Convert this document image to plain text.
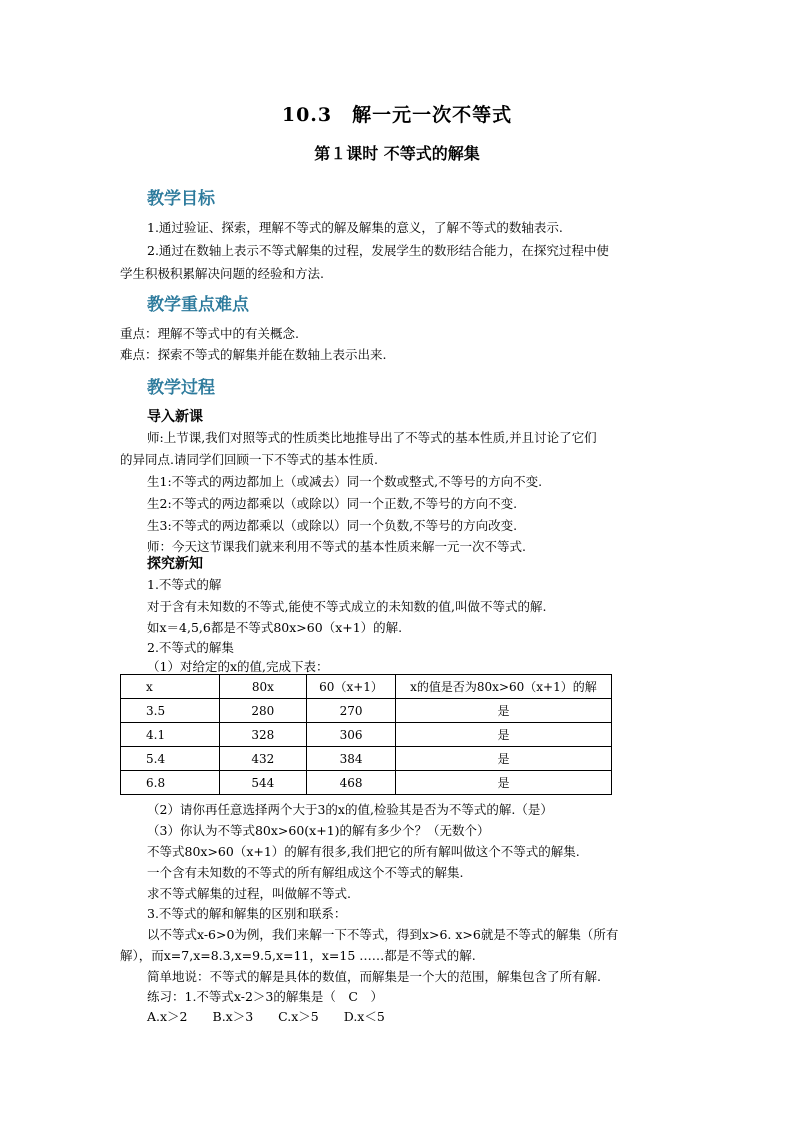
10.3　解一元一次不等式
第１课时 不等式的解集
教学目标
1.通过验证、探索，理解不等式的解及解集的意义，了解不等式的数轴表示.
2.通过在数轴上表示不等式解集的过程，发展学生的数形结合能力，在探究过程中使
学生积极积累解决问题的经验和方法.
教学重点难点
重点：理解不等式中的有关概念.
难点：探索不等式的解集并能在数轴上表示出来.
教学过程
导入新课
师:上节课,我们对照等式的性质类比地推导出了不等式的基本性质,并且讨论了它们
的异同点.请同学们回顾一下不等式的基本性质.
生1:不等式的两边都加上（或减去）同一个数或整式,不等号的方向不变.
生2:不等式的两边都乘以（或除以）同一个正数,不等号的方向不变.
生3:不等式的两边都乘以（或除以）同一个负数,不等号的方向改变.
师：今天这节课我们就来利用不等式的基本性质来解一元一次不等式.
探究新知
1.不等式的解
对于含有未知数的不等式,能使不等式成立的未知数的值,叫做不等式的解.
如x＝4,5,6都是不等式80x>60（x+1）的解.
2.不等式的解集
（1）对给定的x的值,完成下表：
x	80x	60（x+1）	x的值是否为80x>60（x+1）的解
3.5	280	270	是
4.1	328	306	是
5.4	432	384	是
6.8	544	468	是
（2）请你再任意选择两个大于3的x的值,检验其是否为不等式的解.（是）
（3）你认为不等式80x>60(x+1)的解有多少个？（无数个）
不等式80x>60（x+1）的解有很多,我们把它的所有解叫做这个不等式的解集.
一个含有未知数的不等式的所有解组成这个不等式的解集.
求不等式解集的过程，叫做解不等式.
3.不等式的解和解集的区别和联系：
以不等式x-6>0为例，我们来解一下不等式，得到x>6. x>6就是不等式的解集（所有
解），而x=7,x=8.3,x=9.5,x=11，x=15 ……都是不等式的解.
简单地说：不等式的解是具体的数值，而解集是一个大的范围，解集包含了所有解.
练习：1.不等式x-2＞3的解集是（　C　）
A.x＞2　　B.x＞3　　C.x＞5　　D.x＜5
